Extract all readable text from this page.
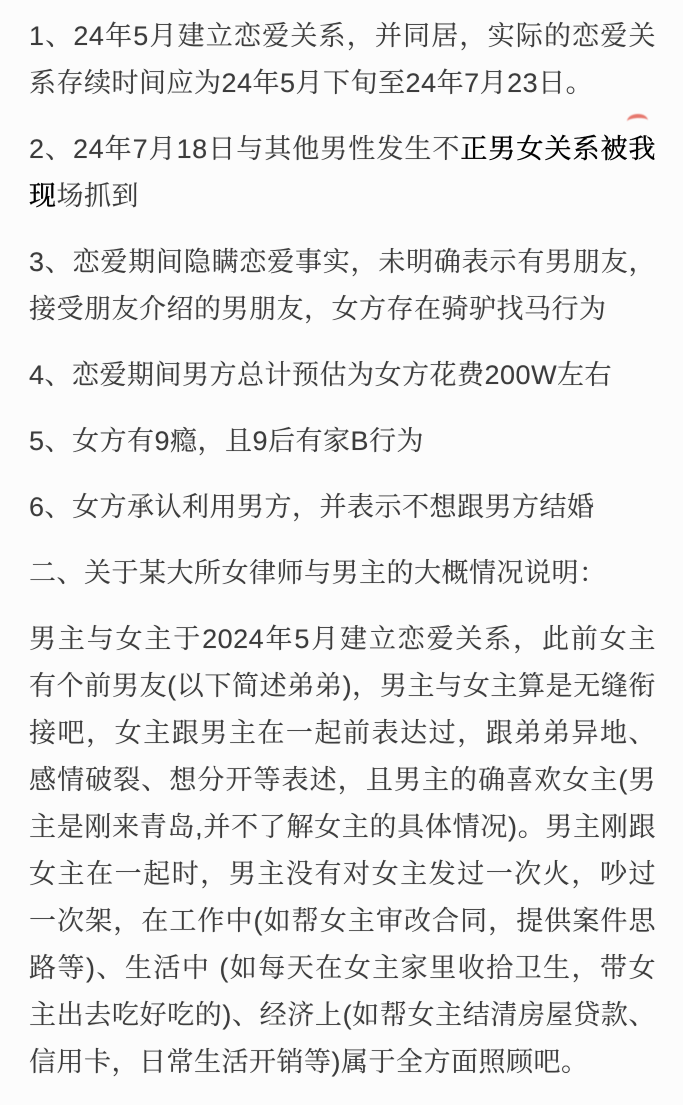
1、24年5月建立恋爱关系，并同居，实际的恋爱关系存续时间应为24年5月下旬至24年7月23日。
2、24年7月18日与其他男性发生不正男女关系被我现场抓到
3、恋爱期间隐瞒恋爱事实，未明确表示有男朋友，接受朋友介绍的男朋友，女方存在骑驴找马行为
4、恋爱期间男方总计预估为女方花费200W左右
5、女方有9瘾，且9后有家B行为
6、女方承认利用男方，并表示不想跟男方结婚
二、关于某大所女律师与男主的大概情况说明：
男主与女主于2024年5月建立恋爱关系，此前女主有个前男友(以下简述弟弟)，男主与女主算是无缝衔接吧，女主跟男主在一起前表达过，跟弟弟异地、感情破裂、想分开等表述，且男主的确喜欢女主(男主是刚来青岛,并不了解女主的具体情况)。男主刚跟女主在一起时，男主没有对女主发过一次火，吵过一次架，在工作中(如帮女主审改合同，提供案件思路等)、生活中 (如每天在女主家里收拾卫生，带女主出去吃好吃的)、经济上(如帮女主结清房屋贷款、信用卡，日常生活开销等)属于全方面照顾吧。
